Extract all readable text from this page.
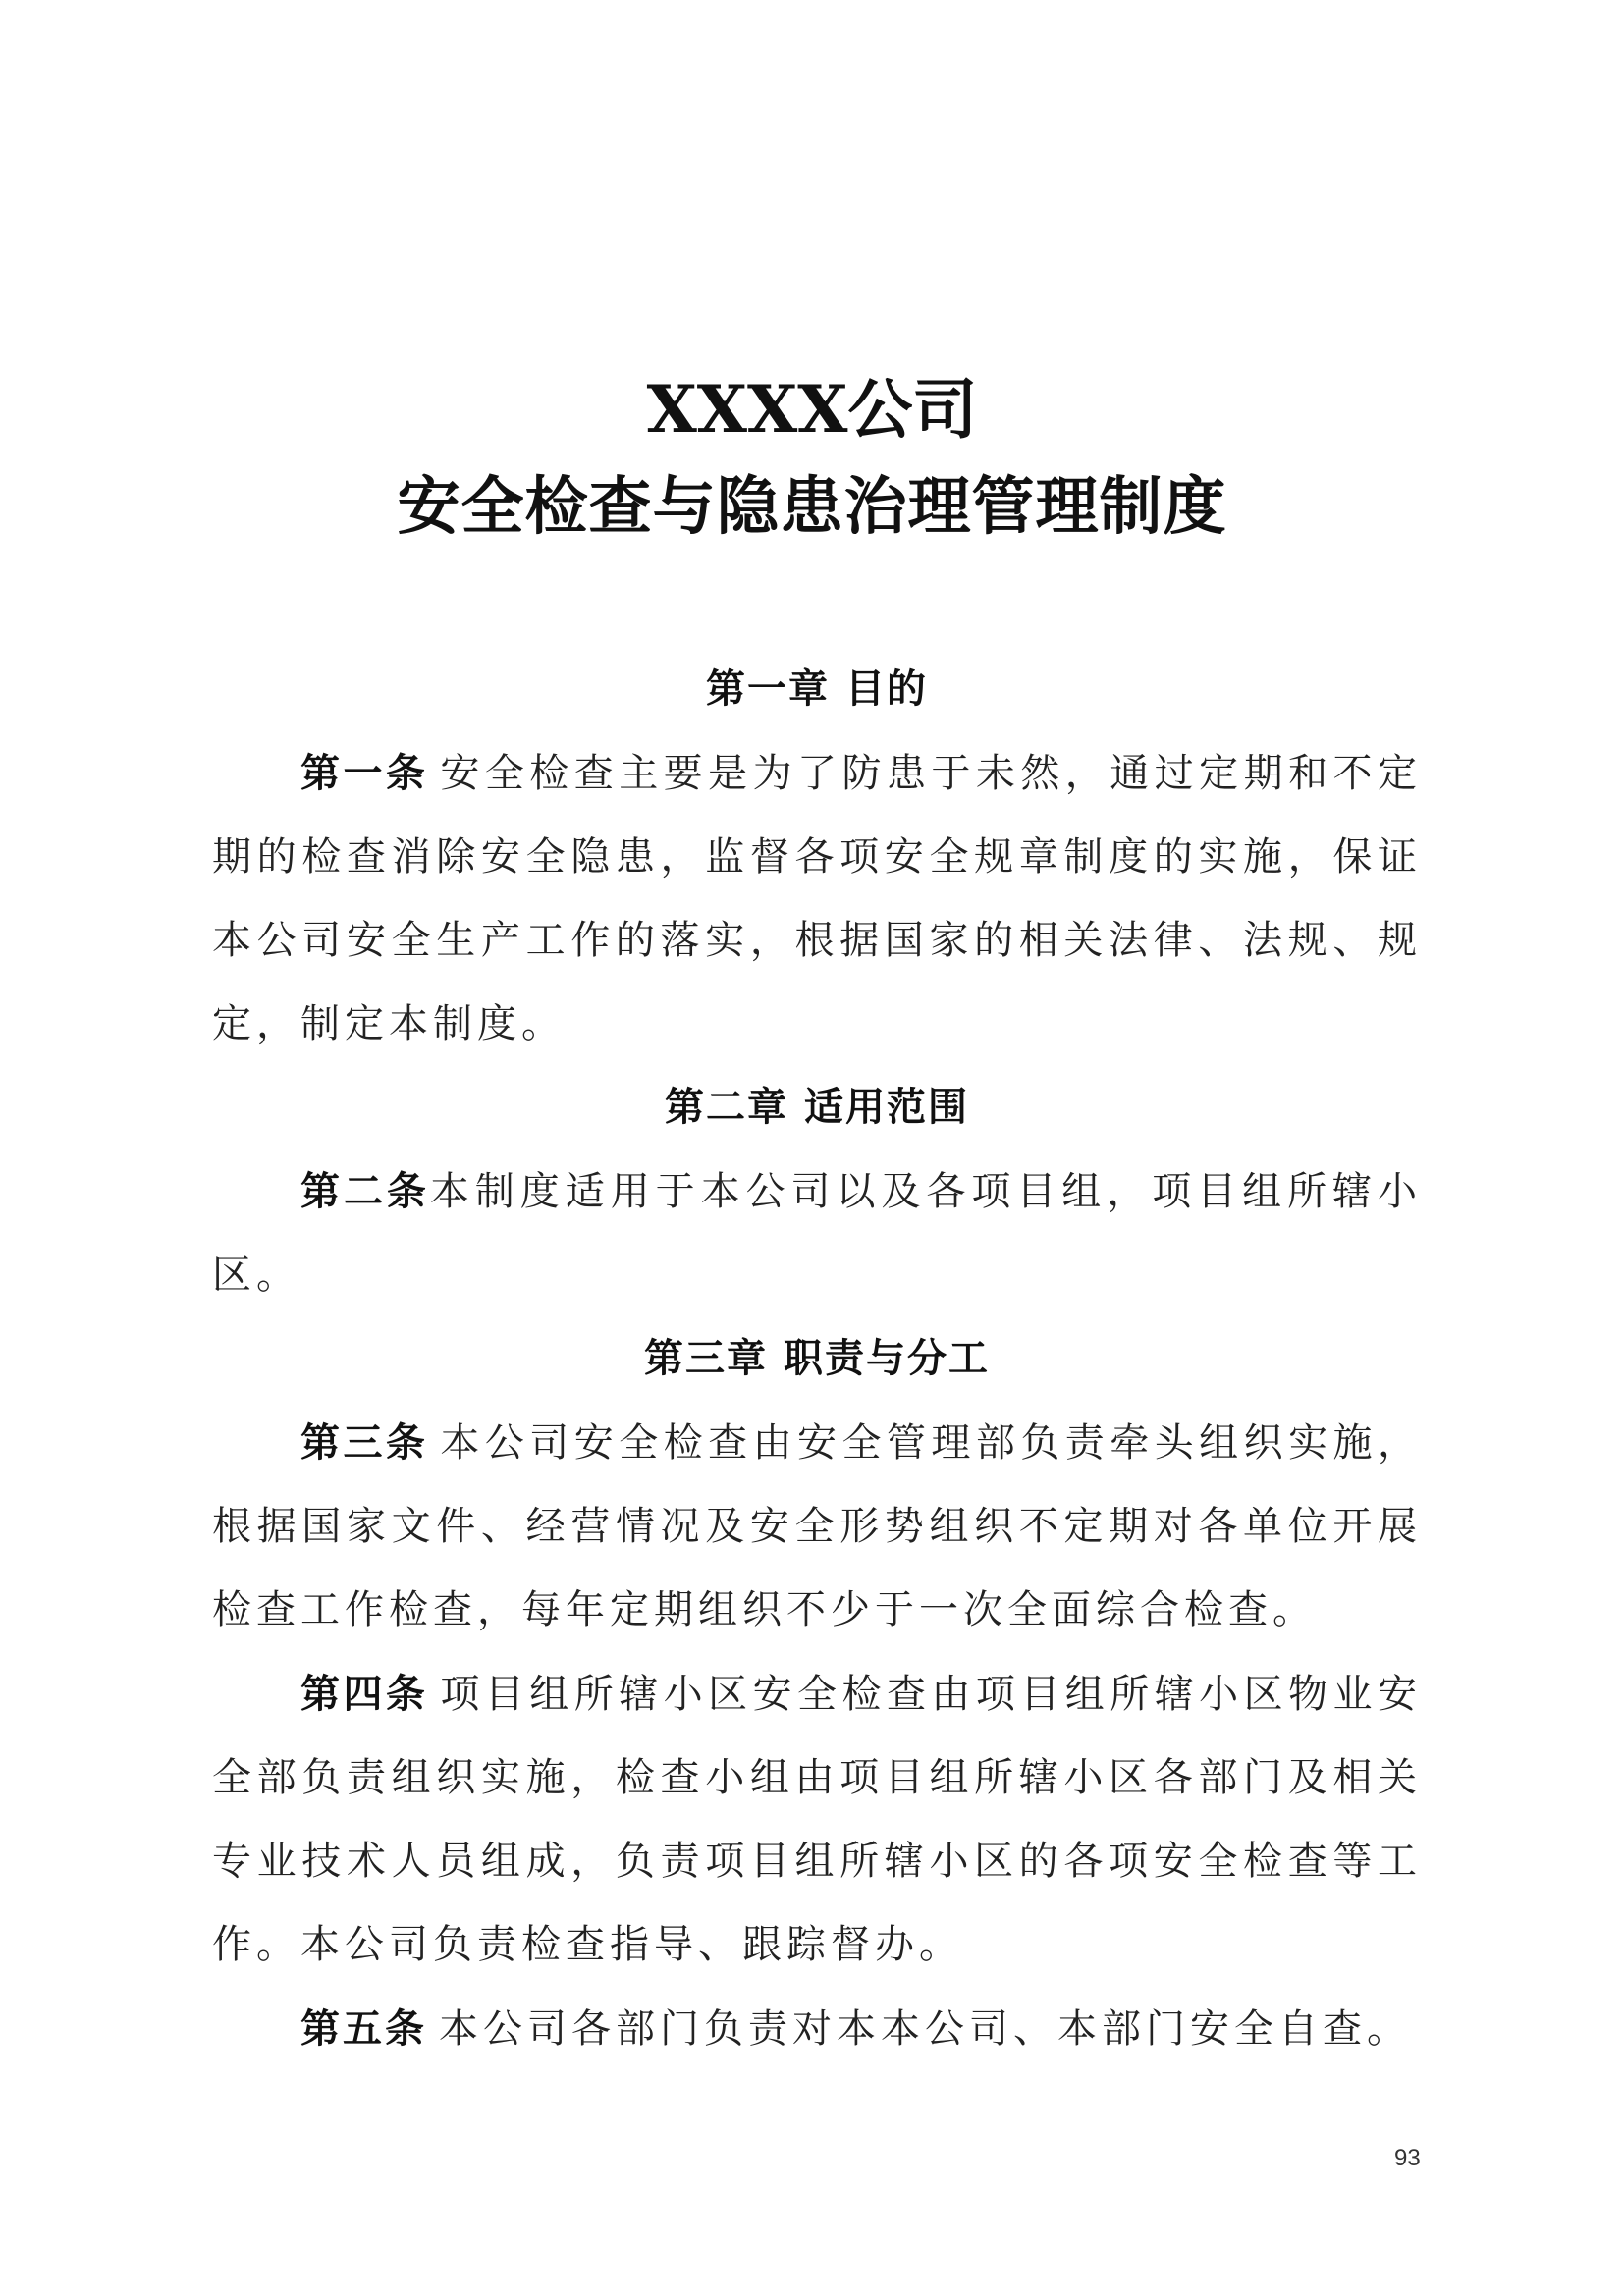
XXXX公司
安全检查与隐患治理管理制度
第一章 目的

第一条 安全检查主要是为了防患于未然，通过定期和不定期的检查消除安全隐患，监督各项安全规章制度的实施，保证本公司安全生产工作的落实，根据国家的相关法律、法规、规定，制定本制度。

第二章 适用范围

第二条本制度适用于本公司以及各项目组，项目组所辖小区。

第三章 职责与分工

第三条 本公司安全检查由安全管理部负责牵头组织实施，根据国家文件、经营情况及安全形势组织不定期对各单位开展检查工作检查，每年定期组织不少于一次全面综合检查。

第四条 项目组所辖小区安全检查由项目组所辖小区物业安全部负责组织实施，检查小组由项目组所辖小区各部门及相关专业技术人员组成，负责项目组所辖小区的各项安全检查等工作。本公司负责检查指导、跟踪督办。

第五条 本公司各部门负责对本本公司、本部门安全自查。

93
